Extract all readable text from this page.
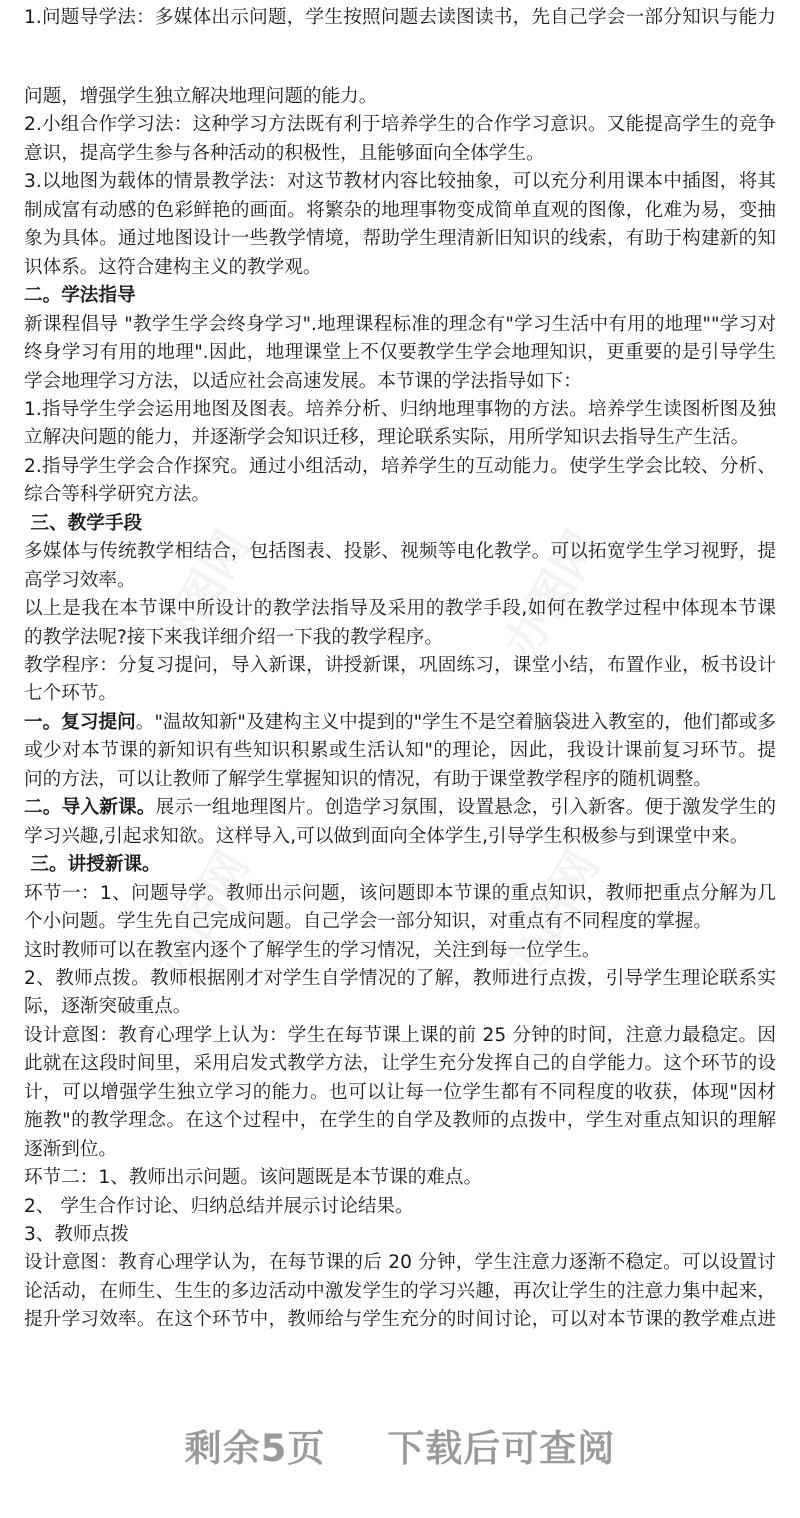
1.问题导学法：多媒体出示问题，学生按照问题去读图读书，先自己学会一部分知识与能力
问题，增强学生独立解决地理问题的能力。
2.小组合作学习法：这种学习方法既有利于培养学生的合作学习意识。又能提高学生的竞争
意识，提高学生参与各种活动的积极性，且能够面向全体学生。
3.以地图为载体的情景教学法：对这节教材内容比较抽象，可以充分利用课本中插图，将其
制成富有动感的色彩鲜艳的画面。将繁杂的地理事物变成简单直观的图像，化难为易，变抽
象为具体。通过地图设计一些教学情境，帮助学生理清新旧知识的线索，有助于构建新的知
识体系。这符合建构主义的教学观。
二。学法指导
新课程倡导 "教学生学会终身学习".地理课程标准的理念有"学习生活中有用的地理""学习对
终身学习有用的地理".因此，地理课堂上不仅要教学生学会地理知识，更重要的是引导学生
学会地理学习方法，以适应社会高速发展。本节课的学法指导如下：
1.指导学生学会运用地图及图表。培养分析、归纳地理事物的方法。培养学生读图析图及独
立解决问题的能力，并逐渐学会知识迁移，理论联系实际，用所学知识去指导生产生活。
2.指导学生学会合作探究。通过小组活动，培养学生的互动能力。使学生学会比较、分析、
综合等科学研究方法。
三、教学手段
多媒体与传统教学相结合，包括图表、投影、视频等电化教学。可以拓宽学生学习视野，提
高学习效率。
以上是我在本节课中所设计的教学法指导及采用的教学手段,如何在教学过程中体现本节课
的教学法呢?接下来我详细介绍一下我的教学程序。
教学程序：分复习提问，导入新课，讲授新课，巩固练习，课堂小结，布置作业，板书设计
七个环节。
一。复习提问。"温故知新"及建构主义中提到的"学生不是空着脑袋进入教室的，他们都或多
或少对本节课的新知识有些知识积累或生活认知"的理论，因此，我设计课前复习环节。提
问的方法，可以让教师了解学生掌握知识的情况，有助于课堂教学程序的随机调整。
二。导入新课。展示一组地理图片。创造学习氛围，设置悬念，引入新客。便于激发学生的
学习兴趣,引起求知欲。这样导入,可以做到面向全体学生,引导学生积极参与到课堂中来。
三。讲授新课。
环节一：1、问题导学。教师出示问题，该问题即本节课的重点知识，教师把重点分解为几
个小问题。学生先自己完成问题。自己学会一部分知识，对重点有不同程度的掌握。
这时教师可以在教室内逐个了解学生的学习情况，关注到每一位学生。
2、教师点拨。教师根据刚才对学生自学情况的了解，教师进行点拨，引导学生理论联系实
际，逐渐突破重点。
设计意图：教育心理学上认为：学生在每节课上课的前 25 分钟的时间，注意力最稳定。因
此就在这段时间里，采用启发式教学方法，让学生充分发挥自己的自学能力。这个环节的设
计，可以增强学生独立学习的能力。也可以让每一位学生都有不同程度的收获，体现"因材
施教"的教学理念。在这个过程中，在学生的自学及教师的点拨中，学生对重点知识的理解
逐渐到位。
环节二：1、教师出示问题。该问题既是本节课的难点。
2、 学生合作讨论、归纳总结并展示讨论结果。
3、教师点拨
设计意图：教育心理学认为，在每节课的后 20 分钟，学生注意力逐渐不稳定。可以设置讨
论活动，在师生、生生的多边活动中激发学生的学习兴趣，再次让学生的注意力集中起来，
提升学习效率。在这个环节中，教师给与学生充分的时间讨论，可以对本节课的教学难点进
办图网	办图网
办图网	办图网
剩余5页 下载后可查阅
